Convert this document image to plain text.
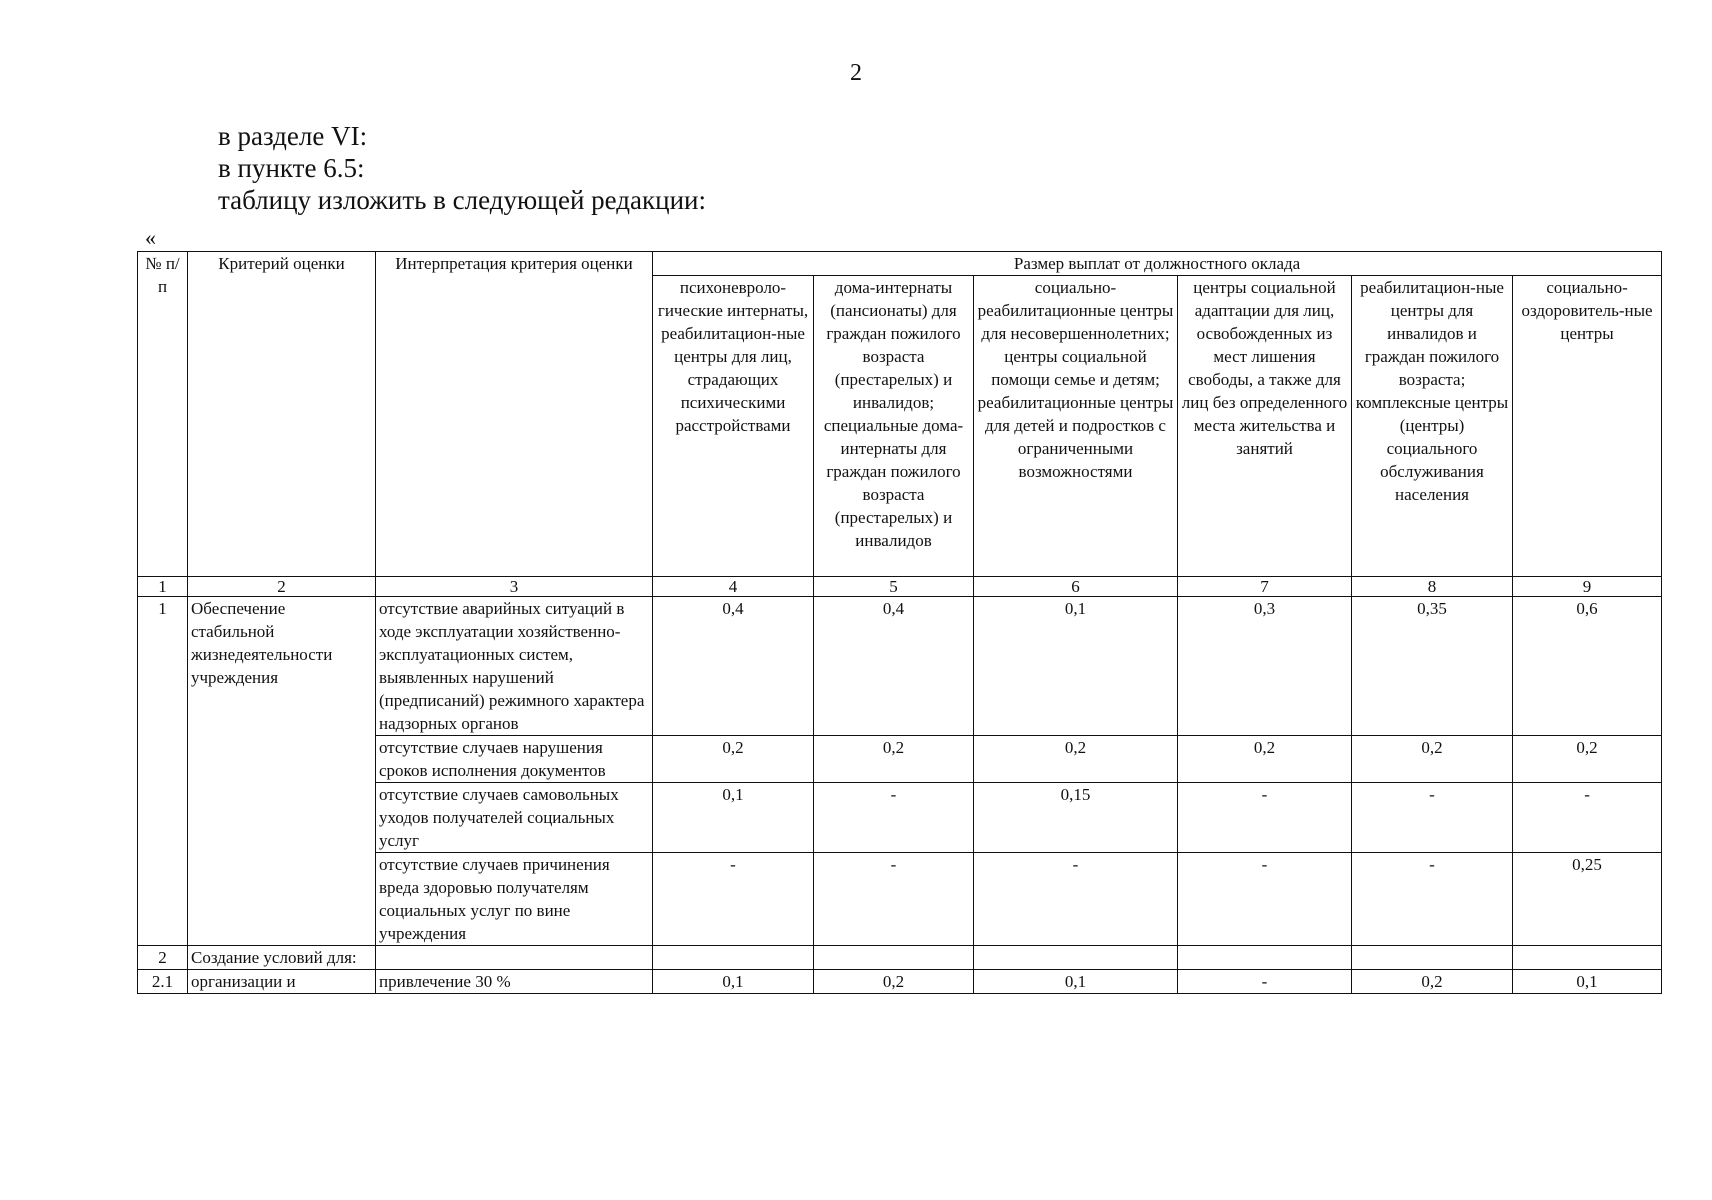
2
в разделе VI:
в пункте 6.5:
таблицу изложить в следующей редакции:
«
№ п/п	Критерий оценки	Интерпретация критерия оценки	Размер выплат от должностного оклада					
			психоневроло-гические интернаты, реабилитацион-ные центры для лиц, страдающих психическими расстройствами	дома-интернаты (пансионаты) для граждан пожилого возраста (престарелых) и инвалидов; специальные дома-интернаты для граждан пожилого возраста (престарелых) и инвалидов	социально-реабилитационные центры для несовершеннолетних; центры социальной помощи семье и детям; реабилитационные центры для детей и подростков с ограниченными возможностями	центры социальной адаптации для лиц, освобожденных из мест лишения свободы, а также для лиц без определенного места жительства и занятий	реабилитацион-ные центры для инвалидов и граждан пожилого возраста; комплексные центры (центры) социального обслуживания населения	социально-оздоровитель-ные центры
1	2	3	4	5	6	7	8	9
1	Обеспечение стабильной жизнедеятельности учреждения	отсутствие аварийных ситуаций в ходе эксплуатации хозяйственно-эксплуатационных систем, выявленных нарушений (предписаний) режимного характера надзорных органов	0,4	0,4	0,1	0,3	0,35	0,6
		отсутствие случаев нарушения сроков исполнения документов	0,2	0,2	0,2	0,2	0,2	0,2
		отсутствие случаев самовольных уходов получателей социальных услуг	0,1	-	0,15	-	-	-
		отсутствие случаев причинения вреда здоровью получателям социальных услуг по вине учреждения	-	-	-	-	-	0,25
2	Создание условий для:							
2.1	организации и	привлечение 30 %	0,1	0,2	0,1	-	0,2	0,1
